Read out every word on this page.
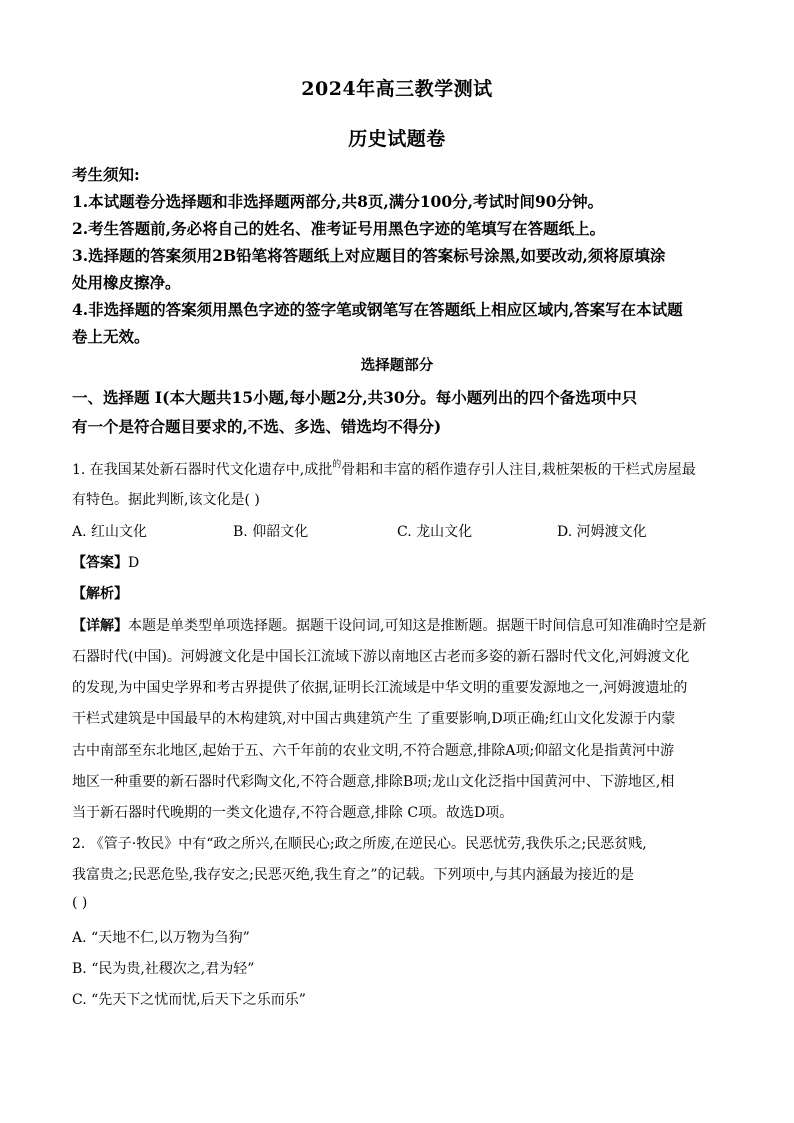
2024年高三教学测试
历史试题卷
考生须知:
1.本试题卷分选择题和非选择题两部分,共8页,满分100分,考试时间90分钟。
2.考生答题前,务必将自己的姓名、准考证号用黑色字迹的笔填写在答题纸上。
3.选择题的答案须用2B铅笔将答题纸上对应题目的答案标号涂黑,如要改动,须将原填涂
处用橡皮擦净。
4.非选择题的答案须用黑色字迹的签字笔或钢笔写在答题纸上相应区域内,答案写在本试题
卷上无效。
选择题部分
一、选择题 Ⅰ(本大题共15小题,每小题2分,共30分。每小题列出的四个备选项中只
有一个是符合题目要求的,不选、多选、错选均不得分)
1. 在我国某处新石器时代文化遗存中,成批$^的$骨耜和丰富的稻作遗存引人注目,栽桩架板的干栏式房屋最
有特色。据此判断,该文化是( )
A. 红山文化	B. 仰韶文化	C. 龙山文化	D. 河姆渡文化
【答案】D
【解析】
【详解】本题是单类型单项选择题。据题干设问词,可知这是推断题。据题干时间信息可知准确时空是新
石器时代(中国)。河姆渡文化是中国长江流域下游以南地区古老而多姿的新石器时代文化,河姆渡文化
的发现,为中国史学界和考古界提供了依据,证明长江流域是中华文明的重要发源地之一,河姆渡遗址的
干栏式建筑是中国最早的木构建筑,对中国古典建筑产生 了重要影响,D项正确;红山文化发源于内蒙
古中南部至东北地区,起始于五、六千年前的农业文明,不符合题意,排除A项;仰韶文化是指黄河中游
地区一种重要的新石器时代彩陶文化,不符合题意,排除B项;龙山文化泛指中国黄河中、下游地区,相
当于新石器时代晚期的一类文化遗存,不符合题意,排除 C项。故选D项。
2. 《管子·牧民》中有“政之所兴,在顺民心;政之所废,在逆民心。民恶忧劳,我佚乐之;民恶贫贱,
我富贵之;民恶危坠,我存安之;民恶灭绝,我生育之”的记载。下列项中,与其内涵最为接近的是
( )
A. “天地不仁,以万物为刍狗”
B. “民为贵,社稷次之,君为轻”
C. “先天下之忧而忧,后天下之乐而乐”
